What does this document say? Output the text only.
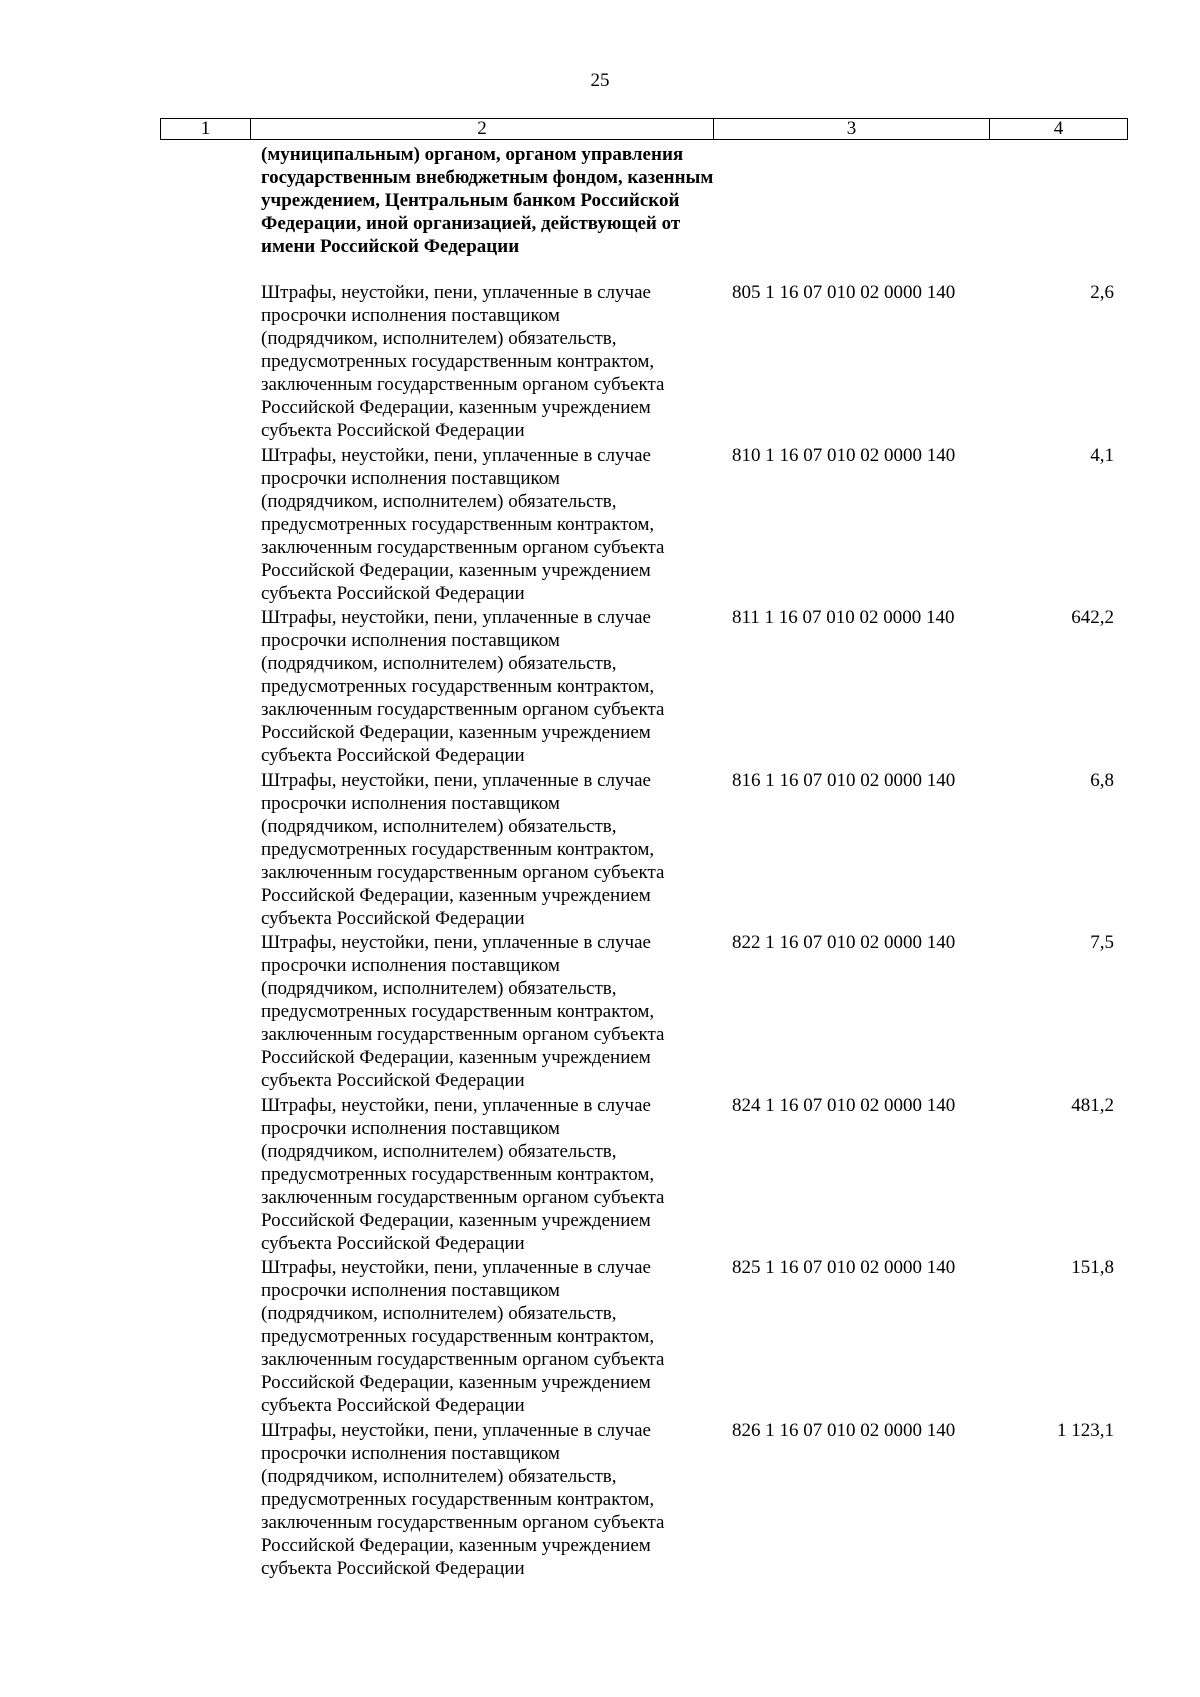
25
1	2	3	4
(муниципальным) органом, органом управления государственным внебюджетным фондом, казенным учреждением, Центральным банком Российской Федерации, иной организацией, действующей от имени Российской Федерации
Штрафы, неустойки, пени, уплаченные в случае
просрочки исполнения поставщиком
(подрядчиком, исполнителем) обязательств,
предусмотренных государственным контрактом,
заключенным государственным органом субъекта
Российской Федерации, казенным учреждением
субъекта Российской Федерации
805 1 16 07 010 02 0000 140	2,6
Штрафы, неустойки, пени, уплаченные в случае
просрочки исполнения поставщиком
(подрядчиком, исполнителем) обязательств,
предусмотренных государственным контрактом,
заключенным государственным органом субъекта
Российской Федерации, казенным учреждением
субъекта Российской Федерации
810 1 16 07 010 02 0000 140	4,1
Штрафы, неустойки, пени, уплаченные в случае
просрочки исполнения поставщиком
(подрядчиком, исполнителем) обязательств,
предусмотренных государственным контрактом,
заключенным государственным органом субъекта
Российской Федерации, казенным учреждением
субъекта Российской Федерации
811 1 16 07 010 02 0000 140	642,2
Штрафы, неустойки, пени, уплаченные в случае
просрочки исполнения поставщиком
(подрядчиком, исполнителем) обязательств,
предусмотренных государственным контрактом,
заключенным государственным органом субъекта
Российской Федерации, казенным учреждением
субъекта Российской Федерации
816 1 16 07 010 02 0000 140	6,8
Штрафы, неустойки, пени, уплаченные в случае
просрочки исполнения поставщиком
(подрядчиком, исполнителем) обязательств,
предусмотренных государственным контрактом,
заключенным государственным органом субъекта
Российской Федерации, казенным учреждением
субъекта Российской Федерации
822 1 16 07 010 02 0000 140	7,5
Штрафы, неустойки, пени, уплаченные в случае
просрочки исполнения поставщиком
(подрядчиком, исполнителем) обязательств,
предусмотренных государственным контрактом,
заключенным государственным органом субъекта
Российской Федерации, казенным учреждением
субъекта Российской Федерации
824 1 16 07 010 02 0000 140	481,2
Штрафы, неустойки, пени, уплаченные в случае
просрочки исполнения поставщиком
(подрядчиком, исполнителем) обязательств,
предусмотренных государственным контрактом,
заключенным государственным органом субъекта
Российской Федерации, казенным учреждением
субъекта Российской Федерации
825 1 16 07 010 02 0000 140	151,8
Штрафы, неустойки, пени, уплаченные в случае
просрочки исполнения поставщиком
(подрядчиком, исполнителем) обязательств,
предусмотренных государственным контрактом,
заключенным государственным органом субъекта
Российской Федерации, казенным учреждением
субъекта Российской Федерации
826 1 16 07 010 02 0000 140	1 123,1
